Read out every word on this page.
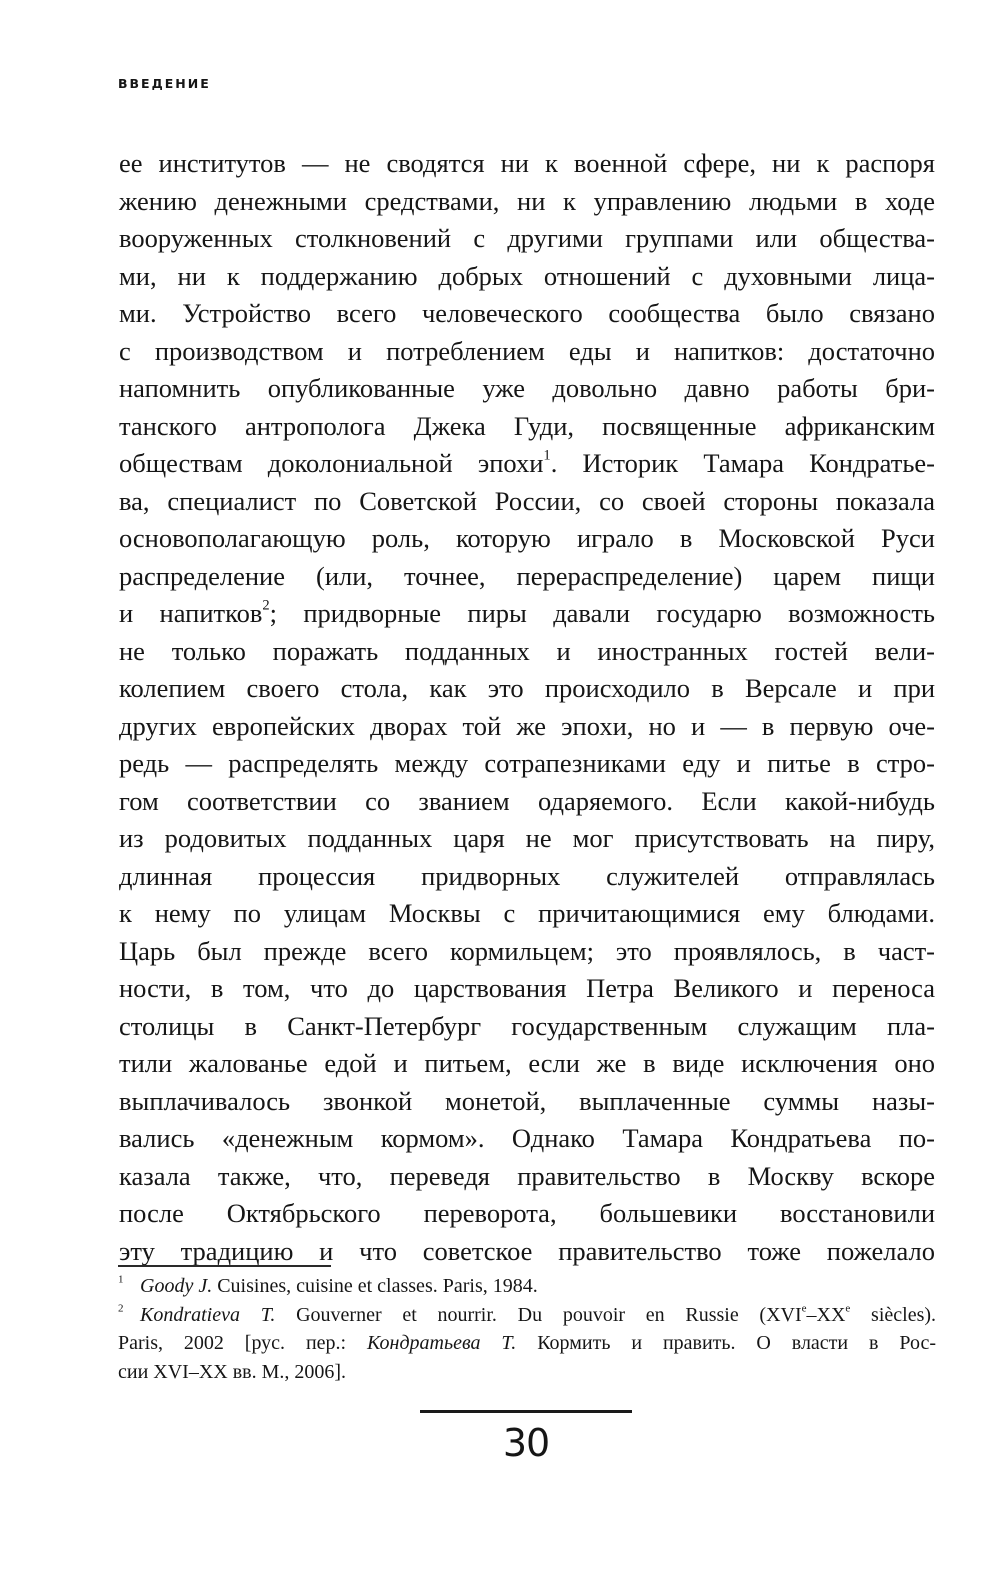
ВВЕДЕНИЕ
ее институтов — не сводятся ни к военной сфере, ни к распоря
жению денежными средствами, ни к управлению людьми в ходе
вооруженных столкновений с другими группами или общества-
ми, ни к поддержанию добрых отношений с духовными лица-
ми. Устройство всего человеческого сообщества было связано
с производством и потреблением еды и напитков: достаточно
напомнить опубликованные уже довольно давно работы бри-
танского антрополога Джека Гуди, посвященные африканским
обществам доколониальной эпохи$^1$. Историк Тамара Кондратье-
ва, специалист по Советской России, со своей стороны показала
основополагающую роль, которую играло в Московской Руси
распределение (или, точнее, перераспределение) царем пищи
и напитков$^2$; придворные пиры давали государю возможность
не только поражать подданных и иностранных гостей вели-
колепием своего стола, как это происходило в Версале и при
других европейских дворах той же эпохи, но и — в первую оче-
редь — распределять между сотрапезниками еду и питье в стро-
гом соответствии со званием одаряемого. Если какой-нибудь
из родовитых подданных царя не мог присутствовать на пиру,
длинная процессия придворных служителей отправлялась
к нему по улицам Москвы с причитающимися ему блюдами.
Царь был прежде всего кормильцем; это проявлялось, в част-
ности, в том, что до царствования Петра Великого и переноса
столицы в Санкт-Петербург государственным служащим пла-
тили жалованье едой и питьем, если же в виде исключения оно
выплачивалось звонкой монетой, выплаченные суммы назы-
вались «денежным кормом». Однако Тамара Кондратьева по-
казала также, что, переведя правительство в Москву вскоре
после Октябрьского переворота, большевики восстановили
эту традицию и что советское правительство тоже пожелало
$^1$ Goody J. Cuisines, cuisine et classes. Paris, 1984.
$^2$ Kondratieva T. Gouverner et nourrir. Du pouvoir en Russie (XVIe–XXe siècles).
Paris, 2002 [рус. пер.: Кондратьева Т. Кормить и править. О власти в Рос-
сии XVI–XX вв. М., 2006].
30
